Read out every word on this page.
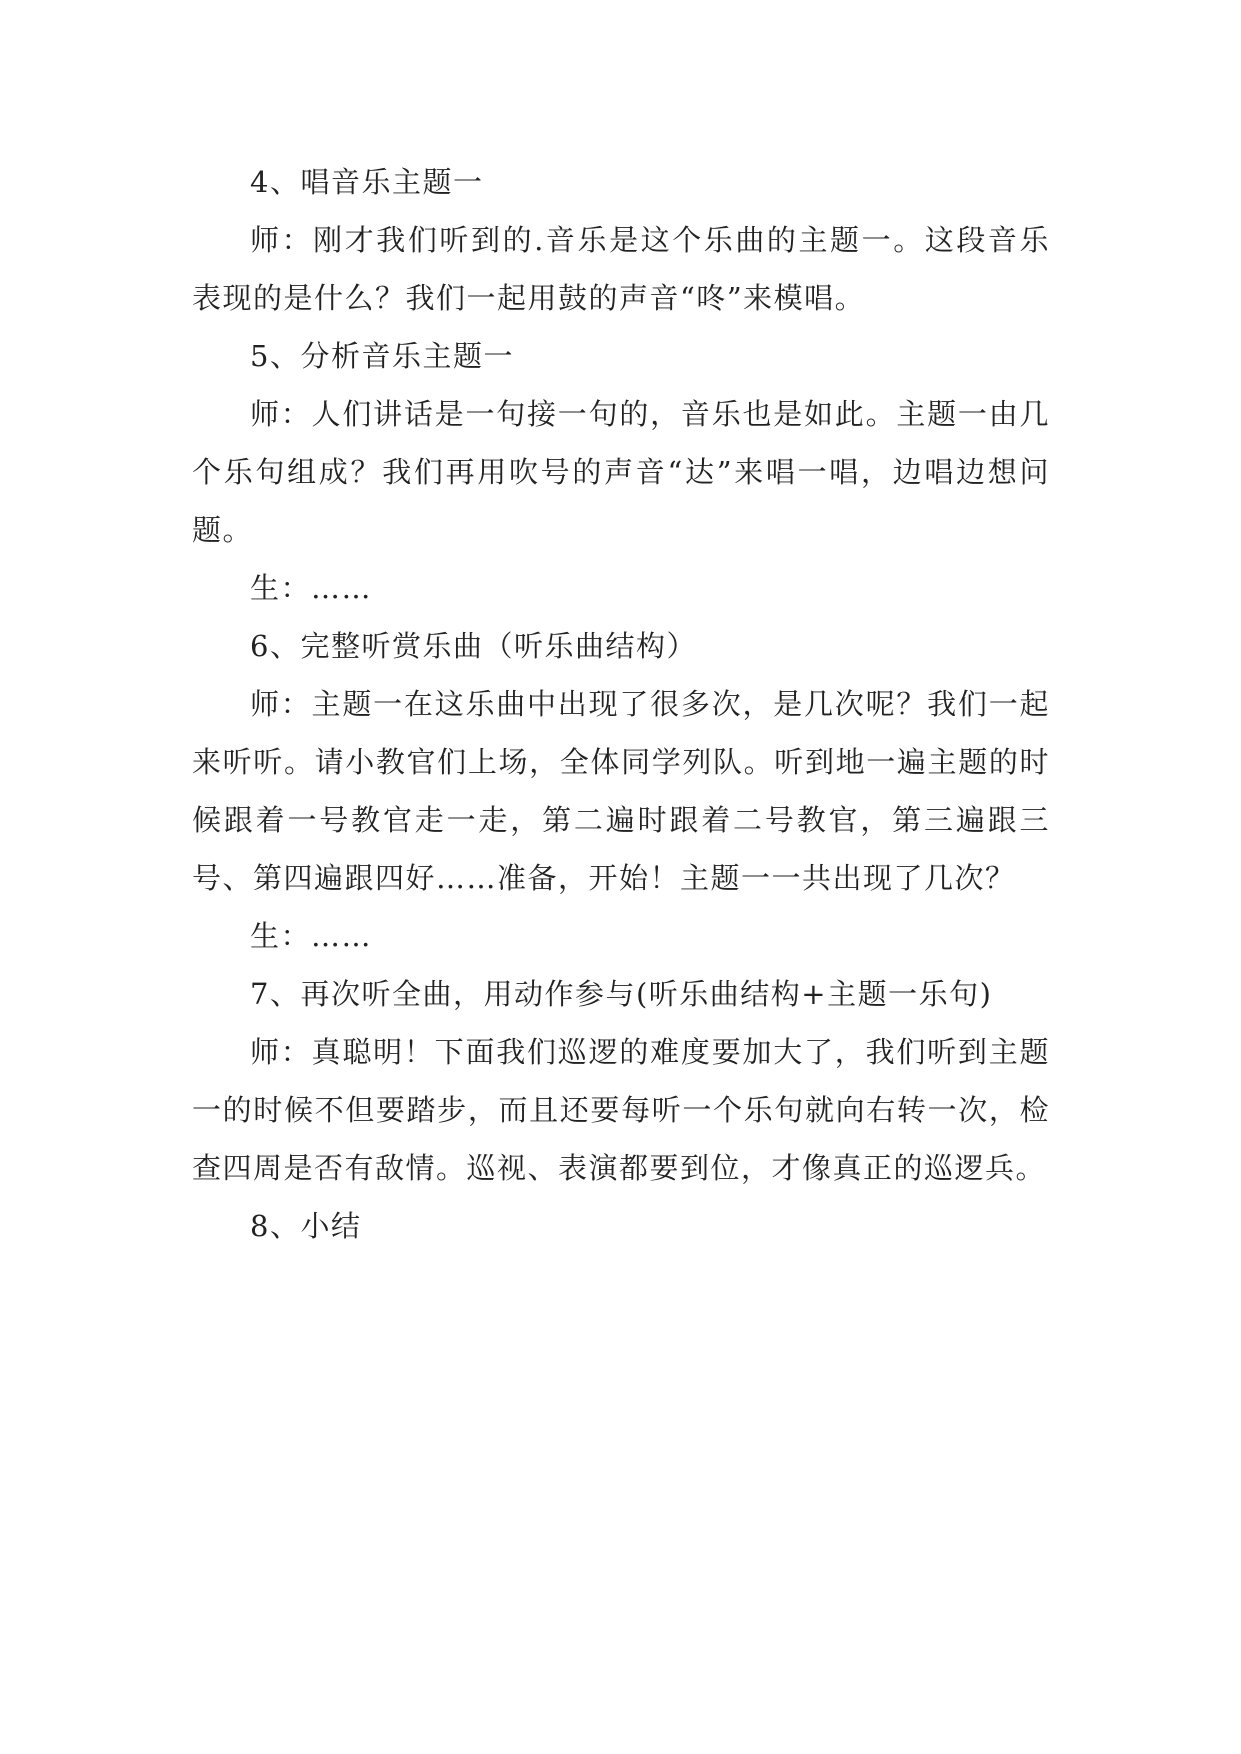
4、唱音乐主题一

师：刚才我们听到的.音乐是这个乐曲的主题一。这段音乐表现的是什么？我们一起用鼓的声音“咚”来模唱。

5、分析音乐主题一

师：人们讲话是一句接一句的，音乐也是如此。主题一由几个乐句组成？我们再用吹号的声音“达”来唱一唱，边唱边想问题。

生：……

6、完整听赏乐曲（听乐曲结构）

师：主题一在这乐曲中出现了很多次，是几次呢？我们一起来听听。请小教官们上场，全体同学列队。听到地一遍主题的时候跟着一号教官走一走，第二遍时跟着二号教官，第三遍跟三号、第四遍跟四好……准备，开始！主题一一共出现了几次？

生：……

7、再次听全曲，用动作参与(听乐曲结构+主题一乐句)

师：真聪明！下面我们巡逻的难度要加大了，我们听到主题一的时候不但要踏步，而且还要每听一个乐句就向右转一次，检查四周是否有敌情。巡视、表演都要到位，才像真正的巡逻兵。

8、小结
